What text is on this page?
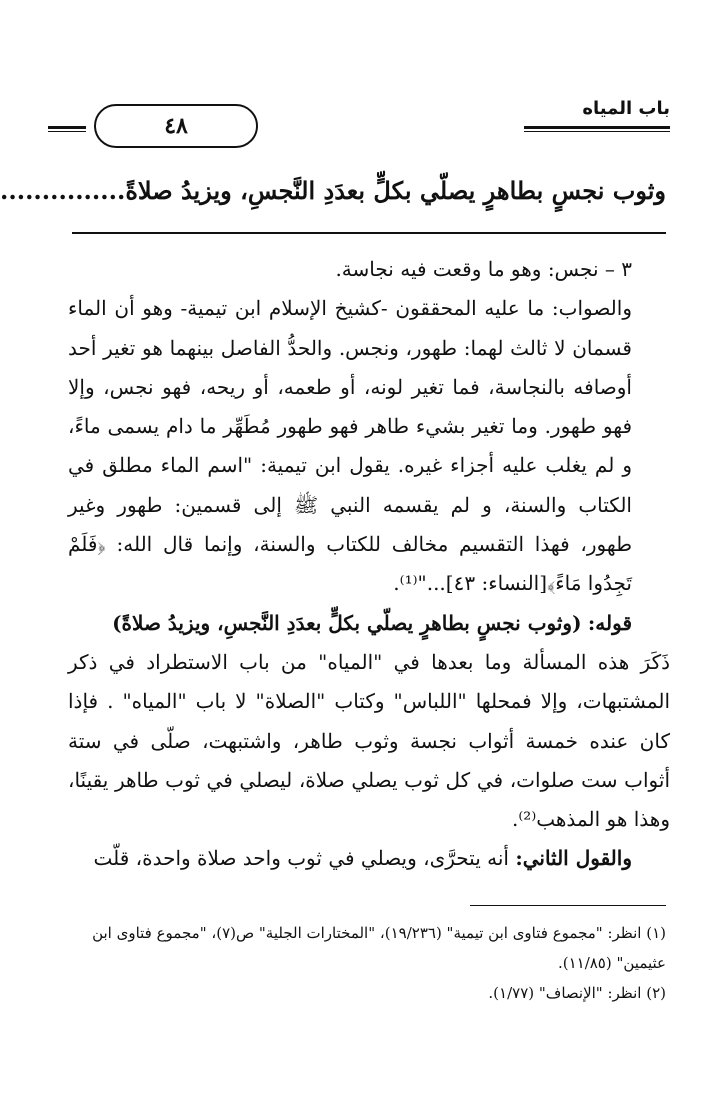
باب المياه
٤٨
وثوب نجسٍ بطاهرٍ يصلّي بكلٍّ بعدَدِ النَّجسِ، ويزيدُ صلاةً...............

٣ – نجس: وهو ما وقعت فيه نجاسة.

والصواب: ما عليه المحققون -كشيخ الإسلام ابن تيمية- وهو أن الماء قسمان لا ثالث لهما: طهور، ونجس. والحدُّ الفاصل بينهما هو تغير أحد أوصافه بالنجاسة، فما تغير لونه، أو طعمه، أو ريحه، فهو نجس، وإلا فهو طهور. وما تغير بشيء طاهر فهو طهور مُطَهِّر ما دام يسمى ماءً، و لم يغلب عليه أجزاء غيره. يقول ابن تيمية: "اسم الماء مطلق في الكتاب والسنة، و لم يقسمه النبي ﷺ إلى قسمين: طهور وغير طهور، فهذا التقسيم مخالف للكتاب والسنة، وإنما قال الله: ﴿فَلَمْ تَجِدُوا مَاءً﴾[النساء: ٤٣]..."⁽¹⁾.

قوله: (وثوب نجسٍ بطاهرٍ يصلّي بكلٍّ بعدَدِ النَّجسِ، ويزيدُ صلاةً)

ذَكَرَ هذه المسألة وما بعدها في "المياه" من باب الاستطراد في ذكر المشتبهات، وإلا فمحلها "اللباس" وكتاب "الصلاة" لا باب "المياه" . فإذا كان عنده خمسة أثواب نجسة وثوب طاهر، واشتبهت، صلّى في ستة أثواب ست صلوات، في كل ثوب يصلي صلاة، ليصلي في ثوب طاهر يقينًا، وهذا هو المذهب⁽²⁾.

والقول الثاني: أنه يتحرَّى، ويصلي في ثوب واحد صلاة واحدة، قلّت

(١) انظر: "مجموع فتاوى ابن تيمية" (١٩/٢٣٦)، "المختارات الجلية" ص(٧)، "مجموع فتاوى ابن عثيمين" (١١/٨٥).

(٢) انظر: "الإنصاف" (١/٧٧).
